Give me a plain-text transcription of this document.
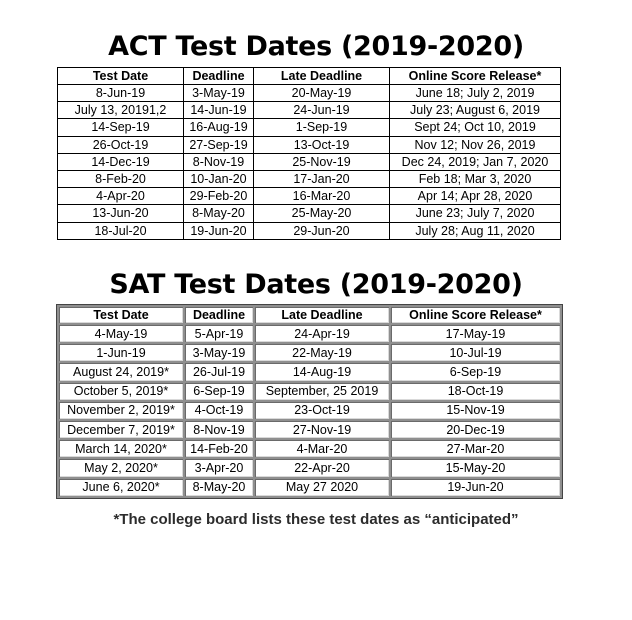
ACT Test Dates (2019-2020)
Test Date	Deadline	Late Deadline	Online Score Release*
8-Jun-19	3-May-19	20-May-19	June 18; July 2, 2019
July 13, 20191,2	14-Jun-19	24-Jun-19	July 23; August 6, 2019
14-Sep-19	16-Aug-19	1-Sep-19	Sept 24; Oct 10, 2019
26-Oct-19	27-Sep-19	13-Oct-19	Nov 12; Nov 26, 2019
14-Dec-19	8-Nov-19	25-Nov-19	Dec 24, 2019; Jan 7, 2020
8-Feb-20	10-Jan-20	17-Jan-20	Feb 18; Mar 3, 2020
4-Apr-20	29-Feb-20	16-Mar-20	Apr 14; Apr 28, 2020
13-Jun-20	8-May-20	25-May-20	June 23; July 7, 2020
18-Jul-20	19-Jun-20	29-Jun-20	July 28; Aug 11, 2020
SAT Test Dates (2019-2020)
Test Date	Deadline	Late Deadline	Online Score Release*
4-May-19	5-Apr-19	24-Apr-19	17-May-19
1-Jun-19	3-May-19	22-May-19	10-Jul-19
August 24, 2019*	26-Jul-19	14-Aug-19	6-Sep-19
October 5, 2019*	6-Sep-19	September, 25 2019	18-Oct-19
November 2, 2019*	4-Oct-19	23-Oct-19	15-Nov-19
December 7, 2019*	8-Nov-19	27-Nov-19	20-Dec-19
March 14, 2020*	14-Feb-20	4-Mar-20	27-Mar-20
May 2, 2020*	3-Apr-20	22-Apr-20	15-May-20
June 6, 2020*	8-May-20	May 27 2020	19-Jun-20
*The college board lists these test dates as “anticipated”
